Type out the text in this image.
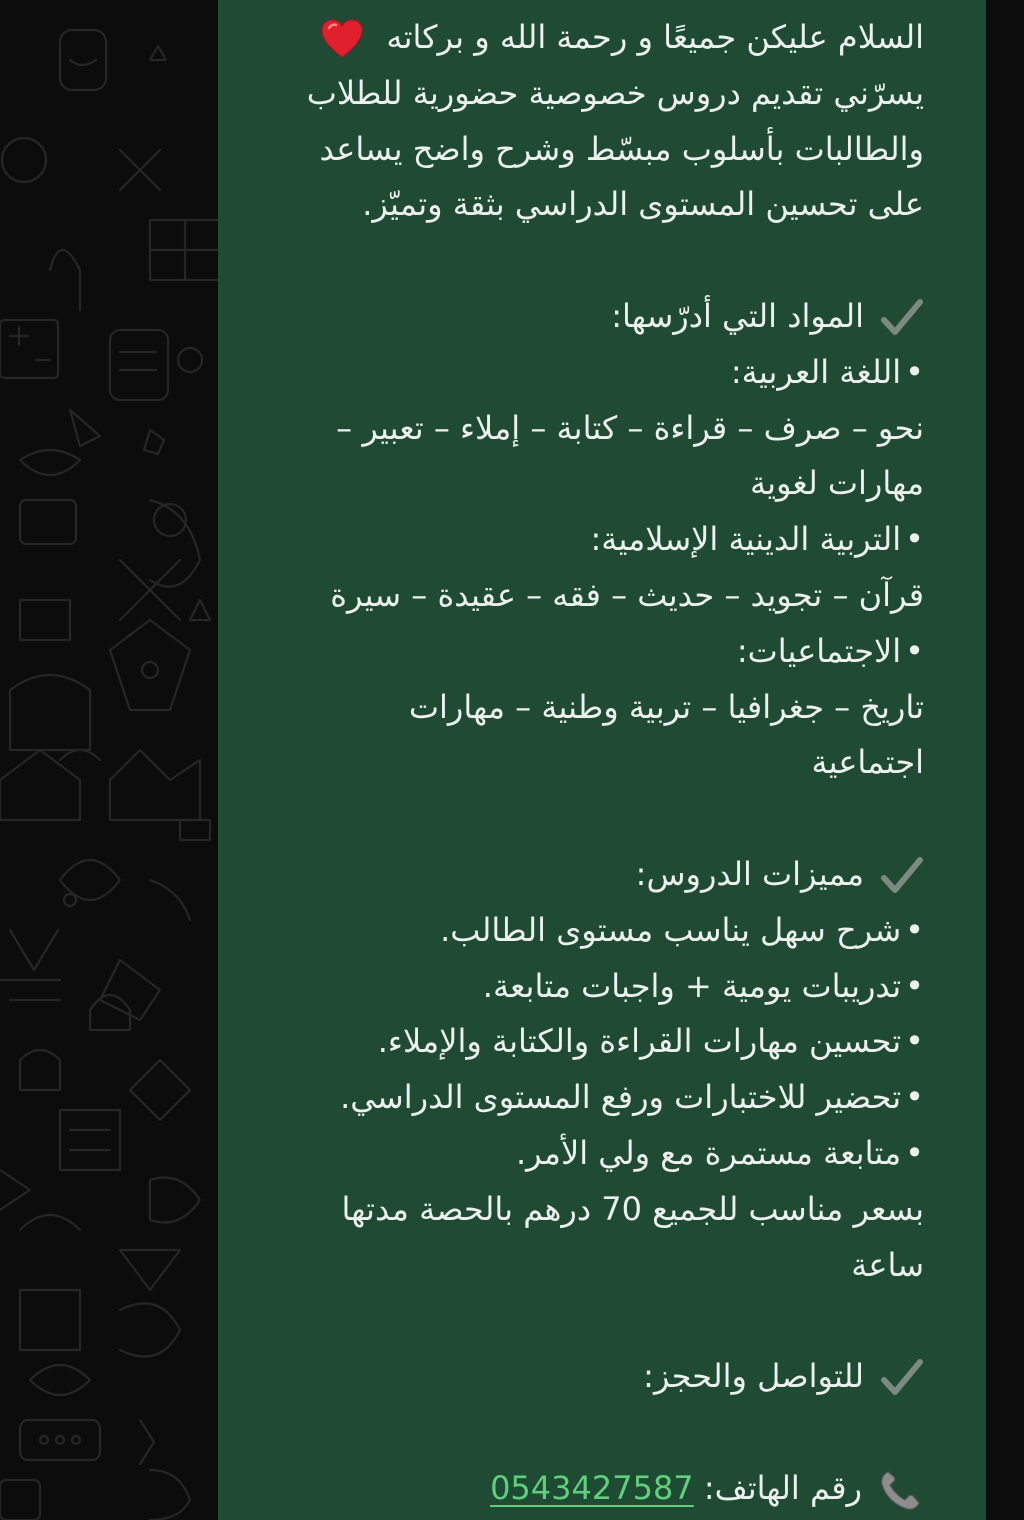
السلام عليكن جميعًا و رحمة الله و بركاته
يسرّني تقديم دروس خصوصية حضورية للطلاب
والطالبات بأسلوب مبسّط وشرح واضح يساعد
على تحسين المستوى الدراسي بثقة وتميّز.
المواد التي أدرّسها:
•اللغة العربية:
نحو – صرف – قراءة – كتابة – إملاء – تعبير –
مهارات لغوية
•التربية الدينية الإسلامية:
قرآن – تجويد – حديث – فقه – عقيدة – سيرة
•الاجتماعيات:
تاريخ – جغرافيا – تربية وطنية – مهارات
اجتماعية
مميزات الدروس:
•شرح سهل يناسب مستوى الطالب.
•تدريبات يومية + واجبات متابعة.
•تحسين مهارات القراءة والكتابة والإملاء.
•تحضير للاختبارات ورفع المستوى الدراسي.
•متابعة مستمرة مع ولي الأمر.
بسعر مناسب للجميع 70 درهم بالحصة مدتها
ساعة
للتواصل والحجز:
رقم الهاتف: 0543427587
